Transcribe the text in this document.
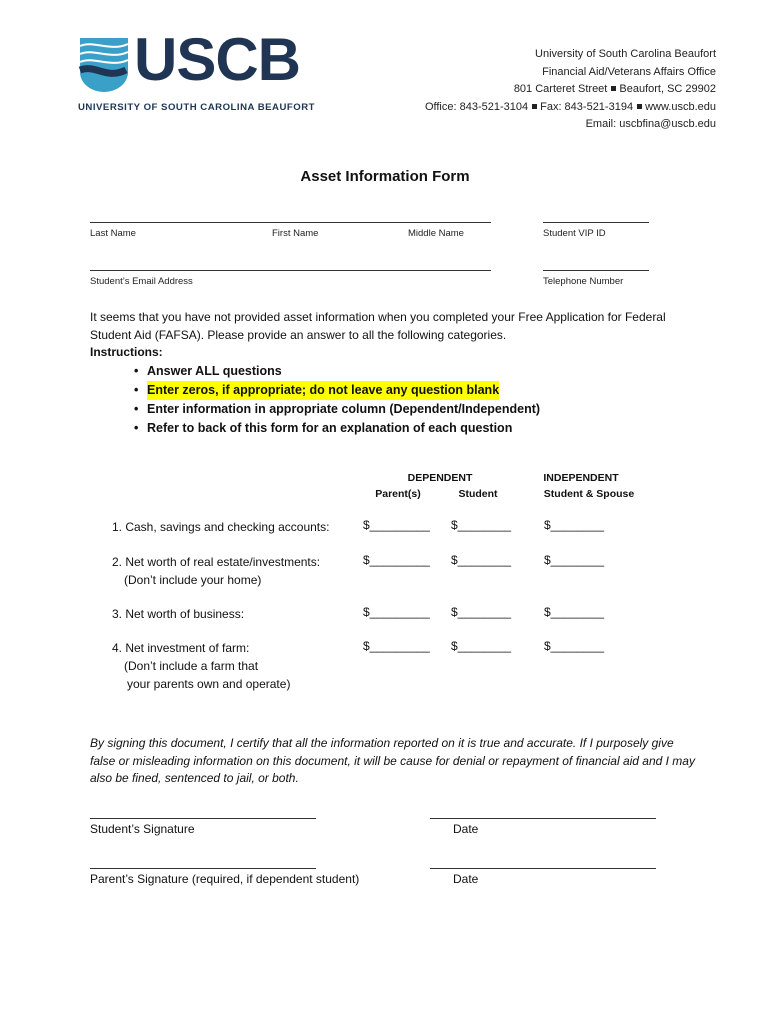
USCB
UNIVERSITY OF SOUTH CAROLINA BEAUFORT
University of South Carolina Beaufort
Financial Aid/Veterans Affairs Office
801 Carteret Street Beaufort, SC 29902
Office: 843-521-3104 Fax: 843-521-3194 www.uscb.edu
Email: uscbfina@uscb.edu
Asset Information Form
Last Name	First Name	Middle Name	Student VIP ID
Student’s Email Address	Telephone Number
It seems that you have not provided asset information when you completed your Free Application for Federal Student Aid (FAFSA). Please provide an answer to all the following categories.
Instructions:
• Answer ALL questions
• Enter zeros, if appropriate; do not leave any question blank
• Enter information in appropriate column (Dependent/Independent)
• Refer to back of this form for an explanation of each question
DEPENDENT
Parent(s)	Student
INDEPENDENT
Student & Spouse
1. Cash, savings and checking accounts:	$_________ $________	$________
2. Net worth of real estate/investments:
(Don’t include your home)
$_________ $________	$________
3. Net worth of business:	$_________ $________	$________
4. Net investment of farm:
(Don’t include a farm that
your parents own and operate)
$_________ $________	$________
By signing this document, I certify that all the information reported on it is true and accurate. If I purposely give false or misleading information on this document, it will be cause for denial or repayment of financial aid and I may also be fined, sentenced to jail, or both.
Student’s Signature	Date
Parent’s Signature (required, if dependent student)	Date
